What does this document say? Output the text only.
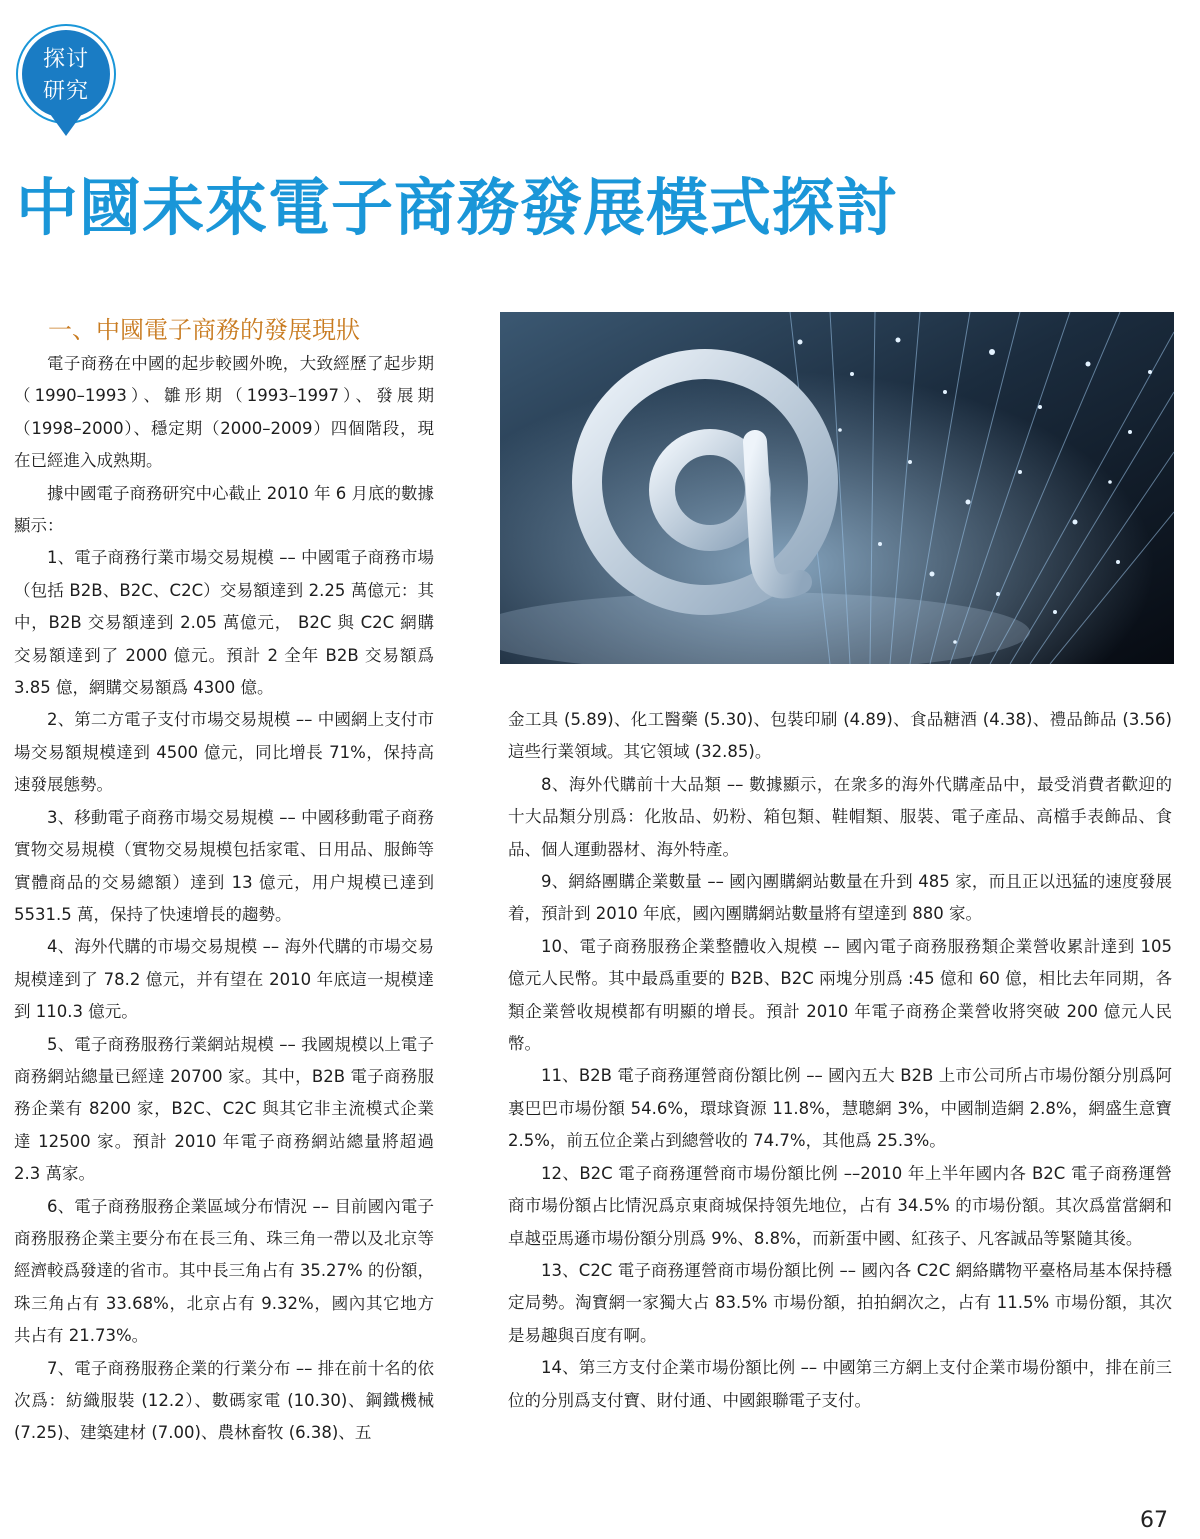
探讨
研究
中國未來電子商務發展模式探討
一、中國電子商務的發展現狀

電子商務在中國的起步較國外晚，大致經歷了起步期（1990–1993）、雛形期（1993–1997）、發展期（1998–2000）、穩定期（2000–2009）四個階段，現在已經進入成熟期。

據中國電子商務研究中心截止 2010 年 6 月底的數據顯示：

1、電子商務行業市場交易規模 –– 中國電子商務市場（包括 B2B、B2C、C2C）交易額達到 2.25 萬億元：其中，B2B 交易額達到 2.05 萬億元， B2C 與 C2C 網購交易額達到了 2000 億元。預計 2 全年 B2B 交易額爲 3.85 億，網購交易額爲 4300 億。

2、第二方電子支付市場交易規模 –– 中國網上支付市場交易額規模達到 4500 億元，同比增長 71%，保持高速發展態勢。

3、移動電子商務市場交易規模 –– 中國移動電子商務實物交易規模（實物交易規模包括家電、日用品、服飾等實體商品的交易總額）達到 13 億元，用户規模已達到 5531.5 萬，保持了快速增長的趨勢。

4、海外代購的市場交易規模 –– 海外代購的市場交易規模達到了 78.2 億元，并有望在 2010 年底這一規模達到 110.3 億元。

5、電子商務服務行業網站規模 –– 我國規模以上電子商務網站總量已經達 20700 家。其中，B2B 電子商務服務企業有 8200 家，B2C、C2C 與其它非主流模式企業達 12500 家。預計 2010 年電子商務網站總量將超過 2.3 萬家。

6、電子商務服務企業區域分布情況 –– 目前國內電子商務服務企業主要分布在長三角、珠三角一帶以及北京等經濟較爲發達的省市。其中長三角占有 35.27% 的份額，珠三角占有 33.68%，北京占有 9.32%，國內其它地方共占有 21.73%。

7、電子商務服務企業的行業分布 –– 排在前十名的依次爲：紡織服裝 (12.2）、數碼家電 (10.30)、鋼鐵機械 (7.25)、建築建材 (7.00)、農林畜牧 (6.38)、五

金工具 (5.89)、化工醫藥 (5.30)、包裝印刷 (4.89)、食品糖酒 (4.38)、禮品飾品 (3.56) 這些行業領域。其它領域 (32.85)。

8、海外代購前十大品類 –– 數據顯示，在衆多的海外代購產品中，最受消費者歡迎的十大品類分別爲：化妝品、奶粉、箱包類、鞋帽類、服裝、電子產品、高檔手表飾品、食品、個人運動器材、海外特產。

9、網絡團購企業數量 –– 國內團購網站數量在升到 485 家，而且正以迅猛的速度發展着，預計到 2010 年底，國內團購網站數量將有望達到 880 家。

10、電子商務服務企業整體收入規模 –– 國內電子商務服務類企業營收累計達到 105 億元人民幣。其中最爲重要的 B2B、B2C 兩塊分別爲 :45 億和 60 億，相比去年同期，各類企業營收規模都有明顯的增長。預計 2010 年電子商務企業營收將突破 200 億元人民幣。

11、B2B 電子商務運營商份額比例 –– 國內五大 B2B 上市公司所占市場份額分別爲阿裏巴巴市場份額 54.6%，環球資源 11.8%，慧聰網 3%，中國制造網 2.8%，網盛生意寶 2.5%，前五位企業占到總營收的 74.7%，其他爲 25.3%。

12、B2C 電子商務運營商市場份額比例 ––2010 年上半年國内各 B2C 電子商務運營商市場份額占比情況爲京東商城保持領先地位，占有 34.5% 的市場份額。其次爲當當網和卓越亞馬遜市場份額分別爲 9%、8.8%，而新蛋中國、紅孩子、凡客誠品等緊隨其後。

13、C2C 電子商務運營商市場份額比例 –– 國內各 C2C 網絡購物平臺格局基本保持穩定局勢。淘寶網一家獨大占 83.5% 市場份額，拍拍網次之，占有 11.5% 市場份額，其次是易趣與百度有啊。

14、第三方支付企業市場份額比例 –– 中國第三方網上支付企業市場份額中，排在前三位的分別爲支付寶、財付通、中國銀聯電子支付。

67
